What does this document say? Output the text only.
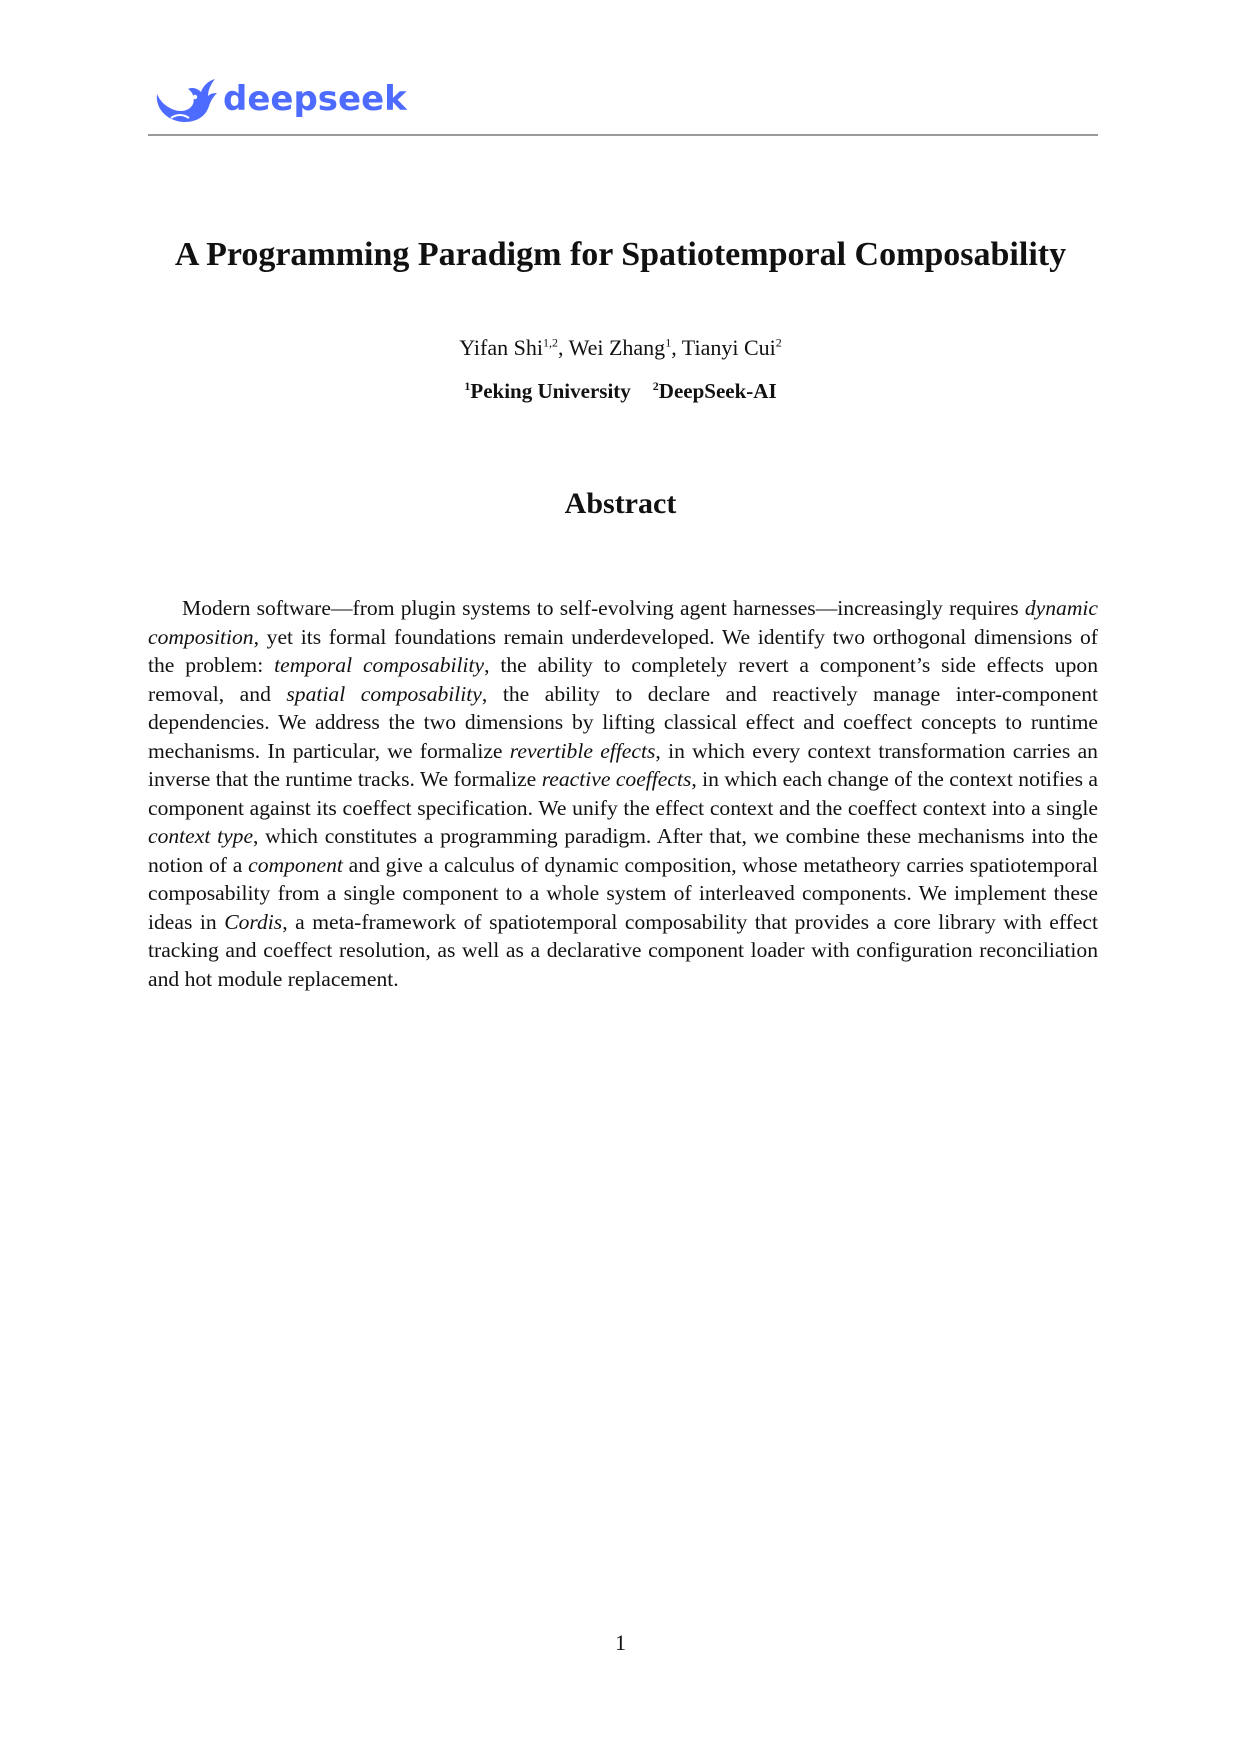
deepseek
A Programming Paradigm for Spatiotemporal Composability
Yifan Shi$^{1,2}$, Wei Zhang$^1$, Tianyi Cui$^2$
$^1$Peking University $^2$DeepSeek-AI
Abstract

Modern software—from plugin systems to self-evolving agent harnesses—increasingly requires dynamic composition, yet its formal foundations remain underdeveloped. We identify two orthogonal dimensions of the problem: temporal composability, the ability to completely revert a component’s side effects upon removal, and spatial composability, the ability to declare and reactively manage inter-component dependencies. We address the two dimensions by lifting classical effect and coeffect concepts to runtime mechanisms. In particular, we formalize revertible effects, in which every context transformation carries an inverse that the runtime tracks. We formalize reactive coeffects, in which each change of the context notifies a component against its coeffect specification. We unify the effect context and the coeffect context into a single context type, which constitutes a programming paradigm. After that, we combine these mechanisms into the notion of a component and give a calculus of dynamic composition, whose metatheory carries spatiotemporal composability from a single component to a whole system of interleaved components. We implement these ideas in Cordis, a meta-framework of spatiotemporal composability that provides a core library with effect tracking and coeffect resolution, as well as a declarative component loader with configuration reconciliation and hot module replacement.

1
